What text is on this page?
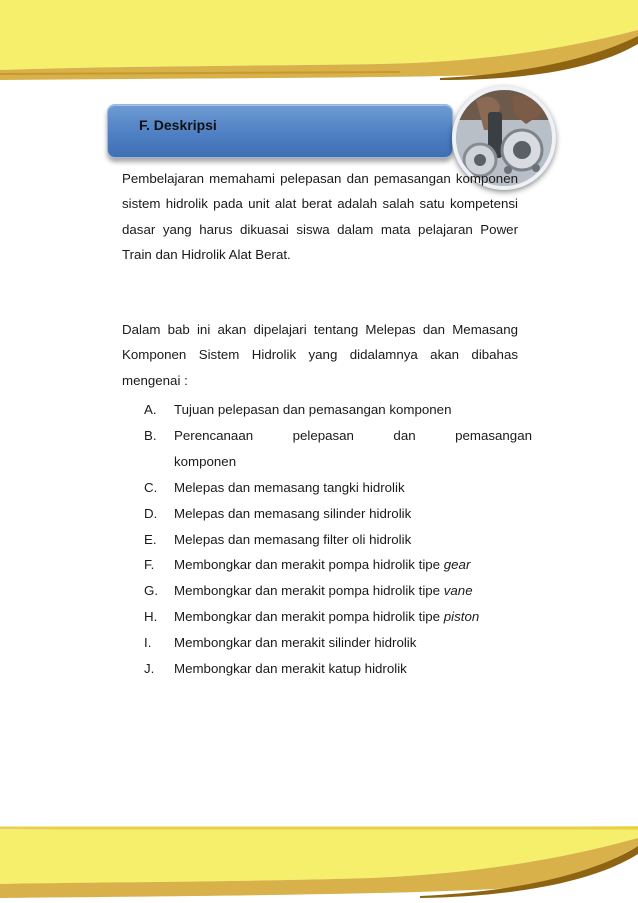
F. Deskripsi

Pembelajaran memahami pelepasan dan pemasangan komponen sistem hidrolik pada unit alat berat adalah salah satu kompetensi dasar yang harus dikuasai siswa dalam mata pelajaran Power Train dan Hidrolik Alat Berat.

Dalam bab ini akan dipelajari tentang Melepas dan Memasang Komponen Sistem Hidrolik yang didalamnya akan dibahas mengenai :

A.	Tujuan pelepasan dan pemasangan komponen
B.	Perencanaan pelepasan dan pemasangan
komponen
C.	Melepas dan memasang tangki hidrolik
D.	Melepas dan memasang silinder hidrolik
E.	Melepas dan memasang filter oli hidrolik
F.	Membongkar dan merakit pompa hidrolik tipe gear
G.	Membongkar dan merakit pompa hidrolik tipe vane
H.	Membongkar dan merakit pompa hidrolik tipe piston
I.	Membongkar dan merakit silinder hidrolik
J.	Membongkar dan merakit katup hidrolik
